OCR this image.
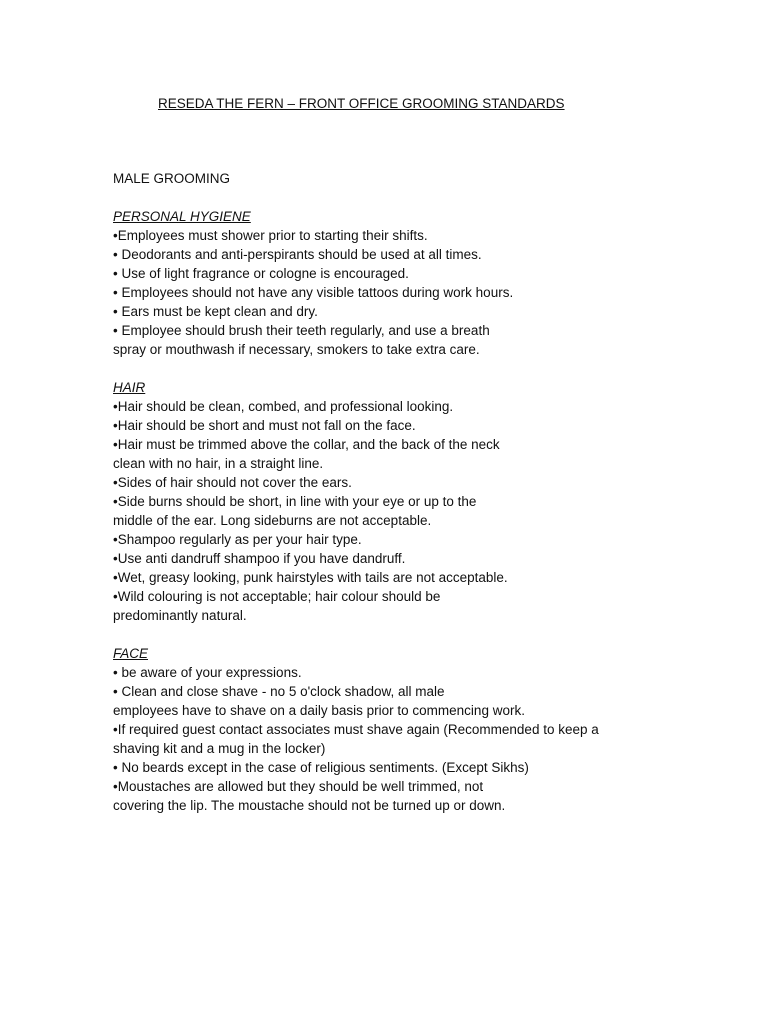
RESEDA THE FERN – FRONT OFFICE GROOMING STANDARDS
MALE GROOMING
PERSONAL HYGIENE
•Employees must shower prior to starting their shifts.
• Deodorants and anti-perspirants should be used at all times.
• Use of light fragrance or cologne is encouraged.
• Employees should not have any visible tattoos during work hours.
• Ears must be kept clean and dry.
• Employee should brush their teeth regularly, and use a breath
spray or mouthwash if necessary, smokers to take extra care.
HAIR
•Hair should be clean, combed, and professional looking.
•Hair should be short and must not fall on the face.
•Hair must be trimmed above the collar, and the back of the neck
clean with no hair, in a straight line.
•Sides of hair should not cover the ears.
•Side burns should be short, in line with your eye or up to the
middle of the ear. Long sideburns are not acceptable.
•Shampoo regularly as per your hair type.
•Use anti dandruff shampoo if you have dandruff.
•Wet, greasy looking, punk hairstyles with tails are not acceptable.
•Wild colouring is not acceptable; hair colour should be
predominantly natural.
FACE
• be aware of your expressions.
• Clean and close shave - no 5 o'clock shadow, all male
employees have to shave on a daily basis prior to commencing work.
•If required guest contact associates must shave again (Recommended to keep a
shaving kit and a mug in the locker)
• No beards except in the case of religious sentiments. (Except Sikhs)
•Moustaches are allowed but they should be well trimmed, not
covering the lip. The moustache should not be turned up or down.
